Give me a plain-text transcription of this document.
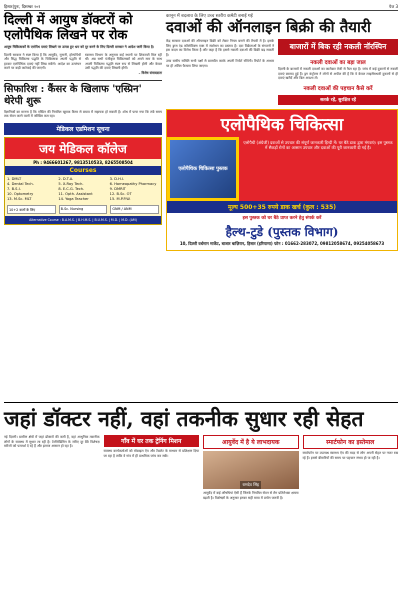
हिसार|पुनः, दिसम्बर २०१	पेज 3
दिल्ली में आयुष डॉक्टरों को एलोपैथिक लिखने पर रोक
आयुष चिकित्सकों के एलोपैथ दवाएं लिखने पर उत्पन्न हुए भ्रम को दूर करने के लिए दिल्ली सरकार ने आदेश जारी किया है।
दिल्ली सरकार ने स्पष्ट किया है कि आयुर्वेद, यूनानी, होम्योपैथी और सिद्ध चिकित्सा पद्धति के चिकित्सक अपनी पद्धति से हटकर एलोपैथिक दवाएं नहीं लिख सकेंगे। आदेश का उल्लंघन करने पर कड़ी कार्रवाई की जाएगी।
स्वास्थ्य विभाग के अनुसार कई स्थानों पर शिकायतें मिल रही थीं। अब सभी पंजीकृत चिकित्सकों को अपने नाम के साथ अपनी चिकित्सा पद्धति स्पष्ट रूप से लिखनी होगी और केवल उसी पद्धति की दवाएं लिखनी होंगी।
– विशेष संवाददाता
सिफारिश : कैंसर के खिलाफ 'एस्प्रिन' थेरेपी शुरू
वैज्ञानिकों का मानना है कि एस्प्रिन की नियमित खुराक कैंसर से बचाव में सहायक हो सकती है। शोध में पाया गया कि लंबे समय तक सेवन करने वालों में जोखिम कम रहा।
मेडिकल एडमिशन सूचना
जय मेडिकल कॉलेज
Ph : 9466601267, 9813510533, 8265508504
Courses
1. DMLT	2. D.T.A.	3. D.H.I.
4. Dental Tech.	5. X-Ray Tech.	6. Homeopathy Pharmacy
7. B.S.I.	8. E.C.G. Tech.	9. DMRIT
10. Optometry	11. Opth. Assistant	12. B.Sc. OT
13. M.Sc. MLT	14. Yoga Teacher	15. M.P.P.W.
10+2 वालों के लिए	B.Sc. Nursing	GNM / ANM
Alternative Course : B.A.M.S. | B.H.M.S. | B.U.M.S. | M.D. | M.D. (AM)
कानून में बदलाव के लिए उच्च स्तरीय कमेटी बनाई गई
दवाओं की ऑनलाइन बिक्री की तैयारी
केंद्र सरकार दवाओं की ऑनलाइन बिक्री को लेकर नियम बनाने की तैयारी में है। इसके लिए ड्रग्स एंड कॉस्मेटिक्स एक्ट में संशोधन का प्रस्ताव है। दवा विक्रेताओं के संगठनों ने इस कदम का विरोध किया है और कहा है कि इससे नकली दवाओं की बिक्री बढ़ सकती है।
उच्च स्तरीय समिति सभी पक्षों से बातचीत करके अपनी रिपोर्ट सौंपेगी। रिपोर्ट के आधार पर ही अंतिम फैसला लिया जाएगा।
बाजारों में बिक रही नकली नॉरस्पिन
नकली दवाओं का बड़ा जाल
दिल्ली के बाजारों में नकली दवाओं का कारोबार तेजी से फैल रहा है। जांच में कई दुकानों से नकली दवाएं बरामद हुई हैं। ड्रग कंट्रोलर ने लोगों से अपील की है कि वे केवल लाइसेंसधारी दुकानों से ही दवाएं खरीदें और बिल अवश्य लें।
नकली दवाओं की पहचान कैसे करें
सतर्क रहें, सुरक्षित रहें
एलोपैथिक चिकित्सा
एलोपैथिक चिकित्सा पुस्तक
एलोपैथी (अंग्रेजी) दवाओं से उपचार की संपूर्ण जानकारी हिन्दी में। घर बैठे डाक द्वारा मंगवाएं। इस पुस्तक में सैकड़ों रोगों का आसान उपचार और दवाओं की पूरी जानकारी दी गई है।
मूल्य 500+35 रुपये डाक खर्च (कुल : 535)
इस पुस्तक को घर बैठे प्राप्त करने हेतु संपर्क करें
हैल्थ-टुडे (पुस्तक विभाग)
10, दिल्ली वर्धमान मार्केट, बाजार बाज़िरान, हिसार (हरियाणा) फोन : 01662-283072, 09812058674, 09254058673
जहां डॉक्टर नहीं, वहां तकनीक सुधार रही सेहत
नई दिल्ली। ग्रामीण क्षेत्रों में जहां डॉक्टरों की कमी है, वहां आधुनिक तकनीक लोगों के स्वास्थ्य में सुधार ला रही है। टेलीमेडिसिन के जरिए दूर बैठे विशेषज्ञ मरीजों को परामर्श दे रहे हैं और इलाज आसान हो रहा है।
गाँव में घर तक ट्रेनिंग मिशन
स्वास्थ्य कार्यकर्ताओं को मोबाइल ऐप और टैबलेट के माध्यम से प्रशिक्षण दिया जा रहा है ताकि वे गांव में ही प्राथमिक जांच कर सकें।
आयुर्वेद में है ये लाभदायक
रामदेव सिंह
आयुर्वेद में कई औषधियां ऐसी हैं जिनके नियमित सेवन से रोग प्रतिरोधक क्षमता बढ़ती है। विशेषज्ञों के अनुसार इनका सही मात्रा में प्रयोग जरूरी है।
स्मार्टफोन का इस्तेमाल
स्मार्टफोन पर उपलब्ध स्वास्थ्य ऐप की मदद से लोग अपनी सेहत पर नजर रख रहे हैं। इससे बीमारियों की समय पर पहचान संभव हो पा रही है।
